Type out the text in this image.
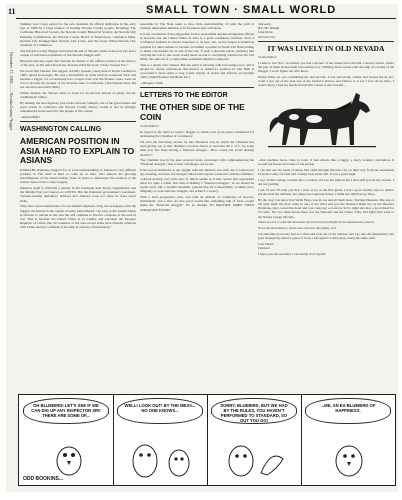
11	SMALL TOWN · SMALL WORLD
December 17, 1969.........Nevada County Nugget

Summer was a busy period for the new museum. Its official dedication in the early part of 1969 by a large number of leading Nevada County people, including: The California Historical Society, the Nevada County Historical Society, the Nevada City Planning Commission, the Nevada County Board of Supervisors, Champion Mine, Nevada City Kampground, Nevada City Lions, and the Grass Valley-Nevada City Chamber of Commerce.

The Nevada County Nugget welcomed the use of Stevens' name in the new jars and a couple of well known members of the Nevada Nugget staff.

Historian Stevens urged that Stevens be named to his official position in the history of the area, as did other historians. Stevens titled his book "Globe Sweeps Foo."

We recall that Stevens' this rugged, horribly protean young man in North Carolina in 1885, raised in Georgia. He was a blacksmith by trade until he wandered West and became a logger, for occasionally led a wagon train over the Donner route. Later he was to become the pioneer of the Stevens route to California. (The Donner Party did not use that route until 1846.)

Unlike Donner, the Stevens Party is noted for its success instead of grisly, bloody, cannibalistic failure.

By naming the new highway past Globe Stevens Summit, one of the great names and great events in California and Nevada County history would at last be fittingly remembered and honored by the people of the county.

--Allied Hoffer

WASHINGTON CALLING
AMERICAN POSITION IN ASIA HARD TO EXPLAIN TO ASIANS

KARACHI, Pakistan--Support for or even understanding of America's very difficult position in Viet Nam is hard to come by in Asia. This reflects the growing unwillingness of the Asian nations from all sides to understand the position of the United States in the Congo tragedy.

Pakistan, itself is officially a partner in the Southeast Asia Treaty Organization and the Middle East pact known as CENTO. But the Pakistani government's persistent, Western-leaning diplomacy believes that America does not share its fears about India.

They have been beneficiaries of over-skillful emphasis, long, the newspaper with the biggest circulation in the capital recently editorialized: "As long as the United States is allowed to remain in the area the will continue to involve countries of the area in war. This is because the United States is so warlike and sanctions the People's Republic of China. But all countries of the area except India have friendly relations with China and are confident of her help in adverse circumstances."

Guerrillas in Viet Nam seem to have little understanding of what the path of Chinese imperialist ambition is in Southeast Asia will mean.

It is the conclusion of the suggestion from a responsible and knowledgeable official in Karachi--but the United States in Asia is a great confidence trickster. Such a confidence trickster is always respected, to be sure, but, on the Saigon it should be possible for other nations to become as faithful a partner in South Viet Nam willing to make concessions far as end of the war. If such a decision exists, realizing that carrying the war to the south would mean an end to everything achieved in Ho Chi Minh, the outlook of a compromise settlement might be explored.

This is a single view indeed. But the wind is blowing with increasing force, and it should be clearly understood that insofar as America's position in Viet Nam is concerned it faces there a very scanty supply of Asian and African. (Copyright 1965, United Feature Syndicate Inc.)

--Marquis Childs

LETTERS TO THE EDITOR
THE OTHER SIDE OF THE COIN

To the Editor:

In regard to the letter to today's Nugget to which your good paper considered for addressing the Chamber of Commerce:

We note the following excuse for the ridiculous way in which the Chamber has been giving out, is that "Perhaps you have heard or read that the C of C for some time now has been having a financial struggle... How could you avoid hearing about it?"

The Chamber has in the past received items concerned with commandeering the "financial struggle," that is their advantages are in one.

It has not reconsidered, at any length, with any memory, nor with one to bounced at any evening, nor have any meager talked with anyone connected with the Chamber--without hearing very little else. It almost seems as if that certain that respondent letter for quite a while. Our idea of making a "financial struggle," as we should be speak--well, like a GOOD salesman, pretend that all is meanwhile, working more diligently to overcome the struggle, and achieve a victory.

With a bold progressive plan, and with an attitude of confidence of success, enthusiasm, and a who are that good would like something talk of facts--would make the "financial struggle" for an attempt TO PROVIDE MORE THAN ADEQUATE FUNDS.

Sincerely,
R.F. Mc Rillum
Line Drive
Nevada City

IT WAS LIVELY IN OLD NEVADA

To the Editor:

I came to live Nov. 16 edition you had a picture of the center-wave that Mr. Cleaver owned, where the pair of them in that team was another boy climbing more erased with the help of a frame of his Nugget. I won't figure out who knew.

Ernest Wing, he was considering my dad and me. I was and all my clothes and looked me up in a room, I got out of the gate one of my mother's drawer, and believe it or not I was cut up there. I wasn't dizzy, I had my hands around still a dead or my dad and ...

...that machine horse came to town. It had wheels like a buggy, a fancy looking contraption. It wound the horses and some of the people.

I can still see the loads of sheep that came through Nevada City on their way from the mountains from the valley for feed and coming back in the fall. It was a great sight.

I saw all this change towards like a rookery old tree but believe me I have still got all my women. I am not jostling.

I am 70 now I'll sold you that I went as far as the first grade. I had a good teacher, like no malice but she kids the children, her name was Gertrude Fenne. I think she still lives up there.

By the way, you know that Wells Fargo was in one and all them there. Sterling Pheasant. But one of the time when the mail came in one, at the other end was the National Bank run by the Beecher Baldwins, they owned the hotel and you could get a room for $10 a night and also a good meal for 25 cents. The two main hotels there was the National and the Union. They had lights that went to the Nature Gauge through...

There is a lot I could tell about the old town but you might not be interested to read it.

You talk about history, that's one old town has plenty of it.

I'd come like you today and so I often and look out of my window and I go into the imaginative that goes through my mind. I guess if I was a kid again I would enjoy doing the same stuff.

Jack Farner
Oakland

I hope you can read this, I can hardly do it myself.

OH BLUEBIRD! LET'S SEE IF WE CAN DIG UP ANY INSPECTOR SIR! THERE ARE SOME OF...
ODD BOOKINS...
WELL! LOOK OUT! BY THE MESS... NO ONE KNOWS...
SORRY, BLUEBIRD, BUT WE HAD BY THE RULES, YOU HAVEN'T PERFORMED TO STANDARD, SO OUT YOU GO!
...ME, AN EX-BLUEBIRD OF HAPPINESS.
